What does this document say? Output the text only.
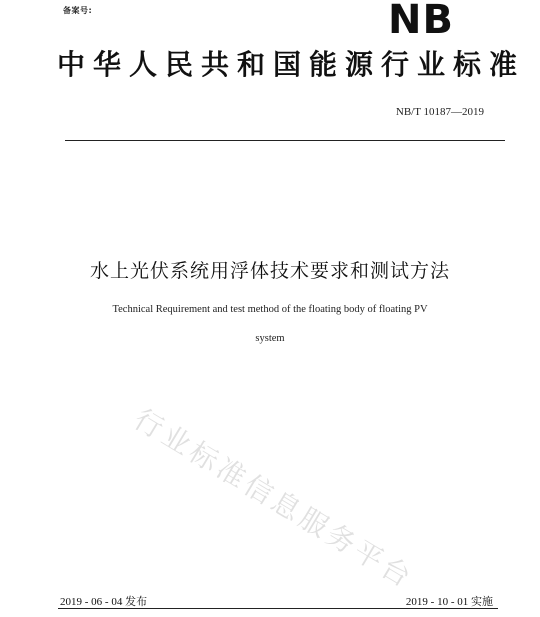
备案号:	NB
中华人民共和国能源行业标准
NB/T 10187—2019
水上光伏系统用浮体技术要求和测试方法
Technical Requirement and test method of the floating body of floating PV
system
行业标准信息服务平台
2019 - 06 - 04 发布	2019 - 10 - 01 实施
